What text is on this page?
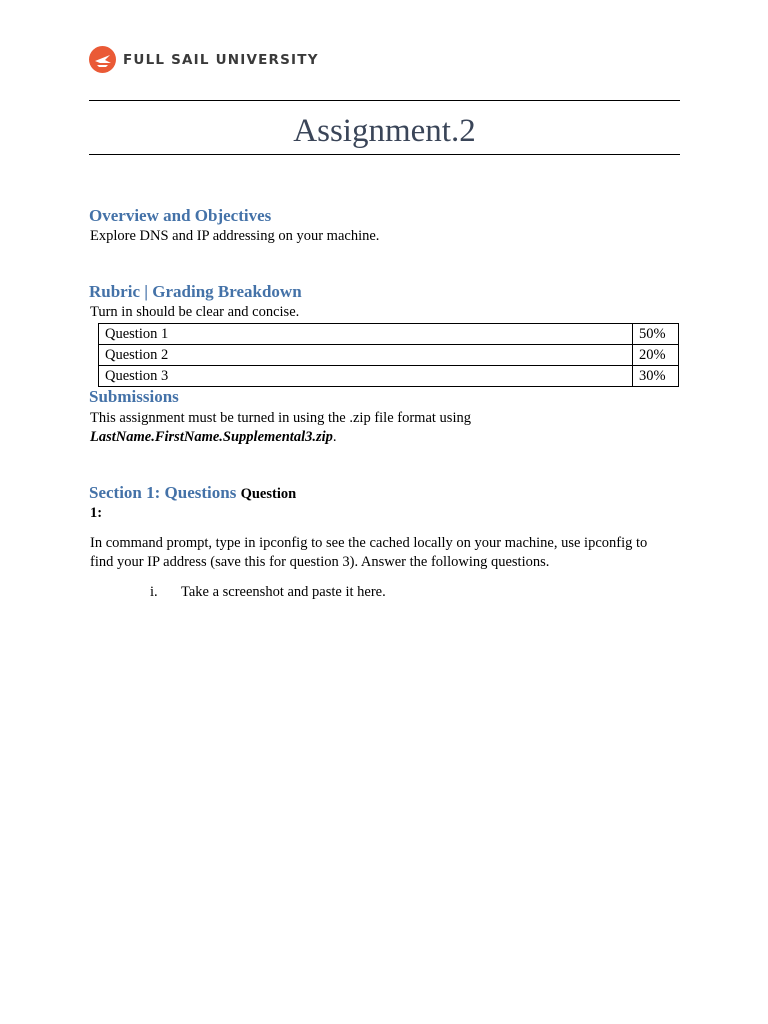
FULL SAIL UNIVERSITY
Assignment.2
Overview and Objectives
Explore DNS and IP addressing on your machine.
Rubric | Grading Breakdown
Turn in should be clear and concise.
Question 1	50%
Question 2	20%
Question 3	30%
Submissions
This assignment must be turned in using the .zip file format using
LastName.FirstName.Supplemental3.zip.
Section 1: Questions Question
1:
In command prompt, type in ipconfig to see the cached locally on your machine, use ipconfig to
find your IP address (save this for question 3). Answer the following questions.
i. Take a screenshot and paste it here.
